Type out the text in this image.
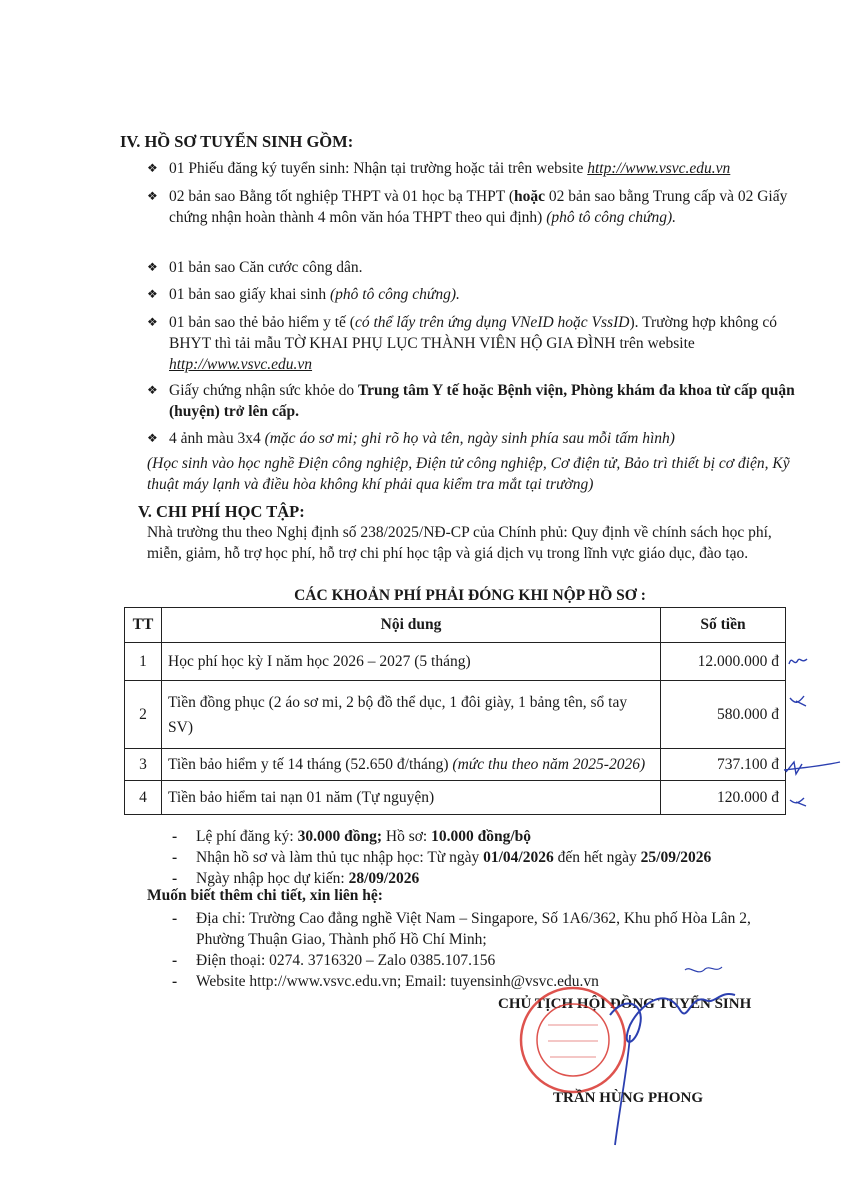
IV. HỒ SƠ TUYỂN SINH GỒM:
❖ 01 Phiếu đăng ký tuyển sinh: Nhận tại trường hoặc tải trên website http://www.vsvc.edu.vn
❖ 02 bản sao Bằng tốt nghiệp THPT và 01 học bạ THPT (hoặc 02 bản sao bằng Trung cấp và 02 Giấy chứng nhận hoàn thành 4 môn văn hóa THPT theo qui định) (phô tô công chứng).
❖ 01 bản sao Căn cước công dân.
❖ 01 bản sao giấy khai sinh (phô tô công chứng).
❖ 01 bản sao thẻ bảo hiểm y tế (có thể lấy trên ứng dụng VNeID hoặc VssID). Trường hợp không có BHYT thì tải mẫu TỜ KHAI PHỤ LỤC THÀNH VIÊN HỘ GIA ĐÌNH trên website http://www.vsvc.edu.vn
❖ Giấy chứng nhận sức khỏe do Trung tâm Y tế hoặc Bệnh viện, Phòng khám đa khoa từ cấp quận (huyện) trở lên cấp.
❖ 4 ảnh màu 3x4 (mặc áo sơ mi; ghi rõ họ và tên, ngày sinh phía sau mỗi tấm hình)
(Học sinh vào học nghề Điện công nghiệp, Điện tử công nghiệp, Cơ điện tử, Bảo trì thiết bị cơ điện, Kỹ thuật máy lạnh và điều hòa không khí phải qua kiểm tra mắt tại trường)
V. CHI PHÍ HỌC TẬP:
Nhà trường thu theo Nghị định số 238/2025/NĐ-CP của Chính phủ: Quy định về chính sách học phí, miễn, giảm, hỗ trợ học phí, hỗ trợ chi phí học tập và giá dịch vụ trong lĩnh vực giáo dục, đào tạo.
CÁC KHOẢN PHÍ PHẢI ĐÓNG KHI NỘP HỒ SƠ :
TT	Nội dung	Số tiền
1	Học phí học kỳ I năm học 2026 – 2027 (5 tháng)	12.000.000 đ
2	Tiền đồng phục (2 áo sơ mi, 2 bộ đồ thể dục, 1 đôi giày, 1 bảng tên, sổ tay SV)	580.000 đ
3	Tiền bảo hiểm y tế 14 tháng (52.650 đ/tháng) (mức thu theo năm 2025-2026)	737.100 đ
4	Tiền bảo hiểm tai nạn 01 năm (Tự nguyện)	120.000 đ
- Lệ phí đăng ký: 30.000 đồng; Hồ sơ: 10.000 đồng/bộ
- Nhận hồ sơ và làm thủ tục nhập học: Từ ngày 01/04/2026 đến hết ngày 25/09/2026
- Ngày nhập học dự kiến: 28/09/2026
Muốn biết thêm chi tiết, xin liên hệ:
- Địa chỉ: Trường Cao đẳng nghề Việt Nam – Singapore, Số 1A6/362, Khu phố Hòa Lân 2, Phường Thuận Giao, Thành phố Hồ Chí Minh;
- Điện thoại: 0274. 3716320 – Zalo 0385.107.156
- Website http://www.vsvc.edu.vn; Email: tuyensinh@vsvc.edu.vn
CHỦ TỊCH HỘI ĐỒNG TUYỂN SINH
TRẦN HÙNG PHONG
